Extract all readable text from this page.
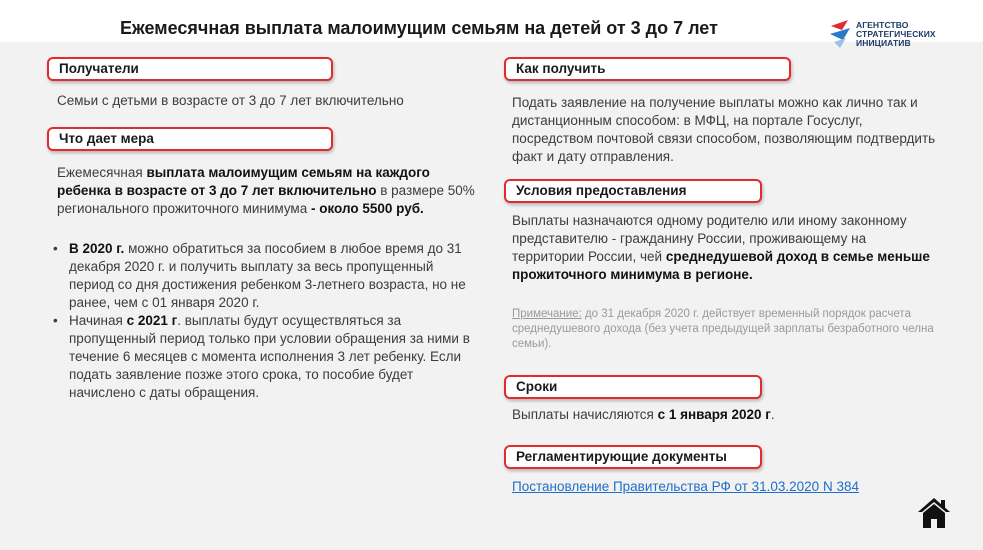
Ежемесячная выплата малоимущим семьям на детей от 3 до 7 лет	АГЕНТСТВО
СТРАТЕГИЧЕСКИХ
ИНИЦИАТИВ
Получатели
Семьи с детьми в возрасте от 3 до 7 лет включительно
Что дает мера
Ежемесячная выплата малоимущим семьям на каждого ребенка в возрасте от 3 до 7 лет включительно в размере 50% регионального прожиточного минимума - около 5500 руб.
• В 2020 г. можно обратиться за пособием в любое время до 31 декабря 2020 г. и получить выплату за весь пропущенный период со дня достижения ребенком 3-летнего возраста, но не ранее, чем с 01 января 2020 г.
• Начиная с 2021 г. выплаты будут осуществляться за пропущенный период только при условии обращения за ними в течение 6 месяцев с момента исполнения 3 лет ребенку. Если подать заявление позже этого срока, то пособие будет начислено с даты обращения.
Как получить
Подать заявление на получение выплаты можно как лично так и дистанционным способом: в МФЦ, на портале Госуслуг, посредством почтовой связи способом, позволяющим подтвердить факт и дату отправления.
Условия предоставления
Выплаты назначаются одному родителю или иному законному представителю - гражданину России, проживающему на территории России, чей среднедушевой доход в семье меньше прожиточного минимума в регионе.
Примечание: до 31 декабря 2020 г. действует временный порядок расчета среднедушевого дохода (без учета предыдущей зарплаты безработного челна семьи).
Сроки
Выплаты начисляются с 1 января 2020 г.
Регламентирующие документы
Постановление Правительства РФ от 31.03.2020 N 384
